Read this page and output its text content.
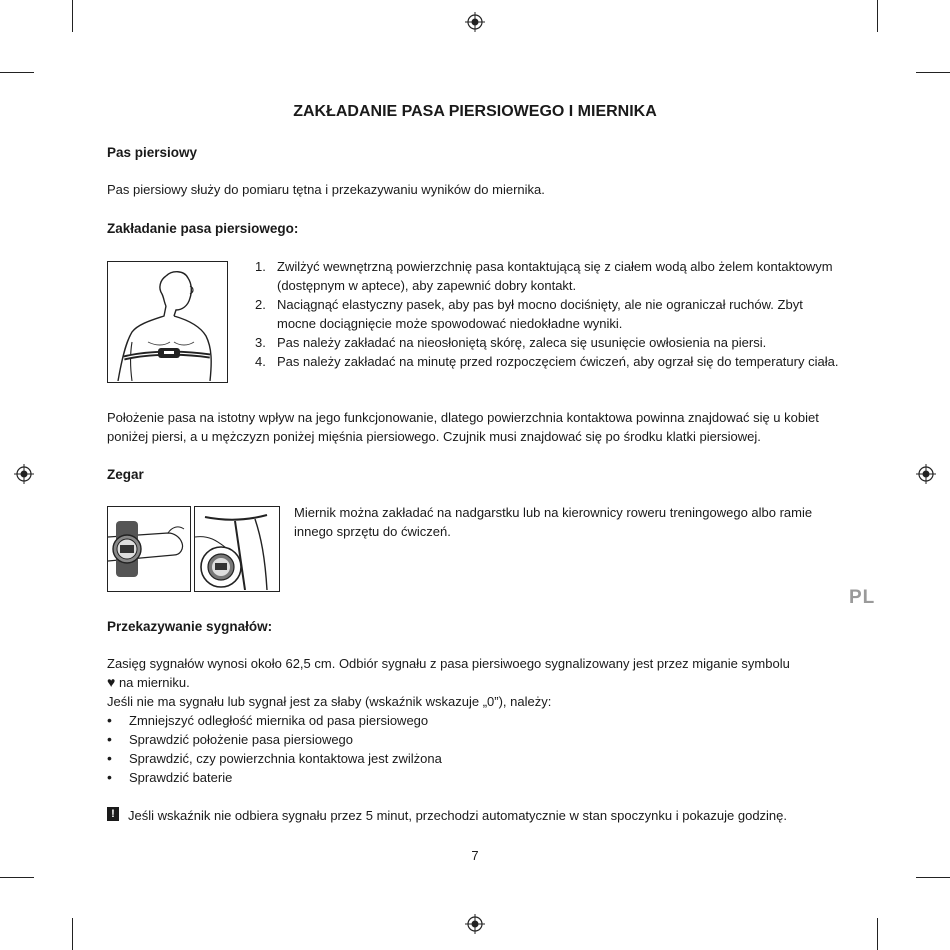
ZAKŁADANIE PASA PIERSIOWEGO I MIERNIKA
Pas piersiowy
Pas piersiowy służy do pomiaru tętna i przekazywaniu wyników do miernika.
Zakładanie pasa piersiowego:
1. Zwilżyć wewnętrzną powierzchnię pasa kontaktującą się z ciałem wodą albo żelem kontaktowym (dostępnym w aptece), aby zapewnić dobry kontakt.
2. Naciągnąć elastyczny pasek, aby pas był mocno dociśnięty, ale nie ograniczał ruchów. Zbyt mocne dociągnięcie może spowodować niedokładne wyniki.
3. Pas należy zakładać na nieosłoniętą skórę, zaleca się usunięcie owłosienia na piersi.
4. Pas należy zakładać na minutę przed rozpoczęciem ćwiczeń, aby ogrzał się do temperatury ciała.
Położenie pasa na istotny wpływ na jego funkcjonowanie, dlatego powierzchnia kontaktowa powinna znajdować się u kobiet poniżej piersi, a u mężczyzn poniżej mięśnia piersiowego. Czujnik musi znajdować się po środku klatki piersiowej.
Zegar
Miernik można zakładać na nadgarstku lub na kierownicy roweru treningowego albo ramie innego sprzętu do ćwiczeń.
PL
Przekazywanie sygnałów:
Zasięg sygnałów wynosi około 62,5 cm. Odbiór sygnału z pasa piersiwoego sygnalizowany jest przez miganie symbolu
♥ na mierniku.
Jeśli nie ma sygnału lub sygnał jest za słaby (wskaźnik wskazuje „0”), należy:
• Zmniejszyć odległość miernika od pasa piersiowego
• Sprawdzić położenie pasa piersiowego
• Sprawdzić, czy powierzchnia kontaktowa jest zwilżona
• Sprawdzić baterie
!	Jeśli wskaźnik nie odbiera sygnału przez 5 minut, przechodzi automatycznie w stan spoczynku i pokazuje godzinę.
7
